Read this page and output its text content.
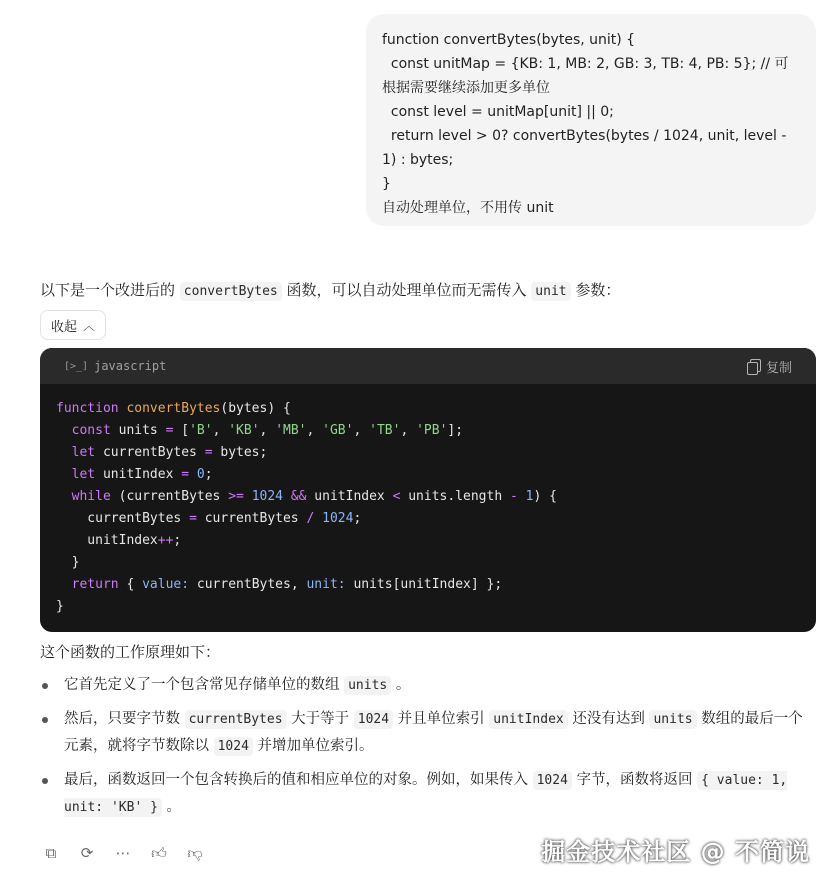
function convertBytes(bytes, unit) {
const unitMap = {KB: 1, MB: 2, GB: 3, TB: 4, PB: 5}; // 可根据需要继续添加更多单位
const level = unitMap[unit] || 0;
return level > 0? convertBytes(bytes / 1024, unit, level - 1) : bytes;
}
自动处理单位，不用传 unit
以下是一个改进后的 convertBytes 函数，可以自动处理单位而无需传入 unit 参数：
收起 ︿
[>_] javascript	复制
function convertBytes(bytes) {
const units = ['B', 'KB', 'MB', 'GB', 'TB', 'PB'];
let currentBytes = bytes;
let unitIndex = 0;
while (currentBytes >= 1024 && unitIndex < units.length - 1) {
currentBytes = currentBytes / 1024;
unitIndex++;
}
return { value: currentBytes, unit: units[unitIndex] };
}
这个函数的工作原理如下：
它首先定义了一个包含常见存储单位的数组 units 。
然后，只要字节数 currentBytes 大于等于 1024 并且单位索引 unitIndex 还没有达到 units 数组的最后一个元素，就将字节数除以 1024 并增加单位索引。
最后，函数返回一个包含转换后的值和相应单位的对象。例如，如果传入 1024 字节，函数将返回 { value: 1, unit: 'KB' } 。
⧉	⟳	⋯ 👍︎ 👎︎	掘金技术社区 @ 不简说
